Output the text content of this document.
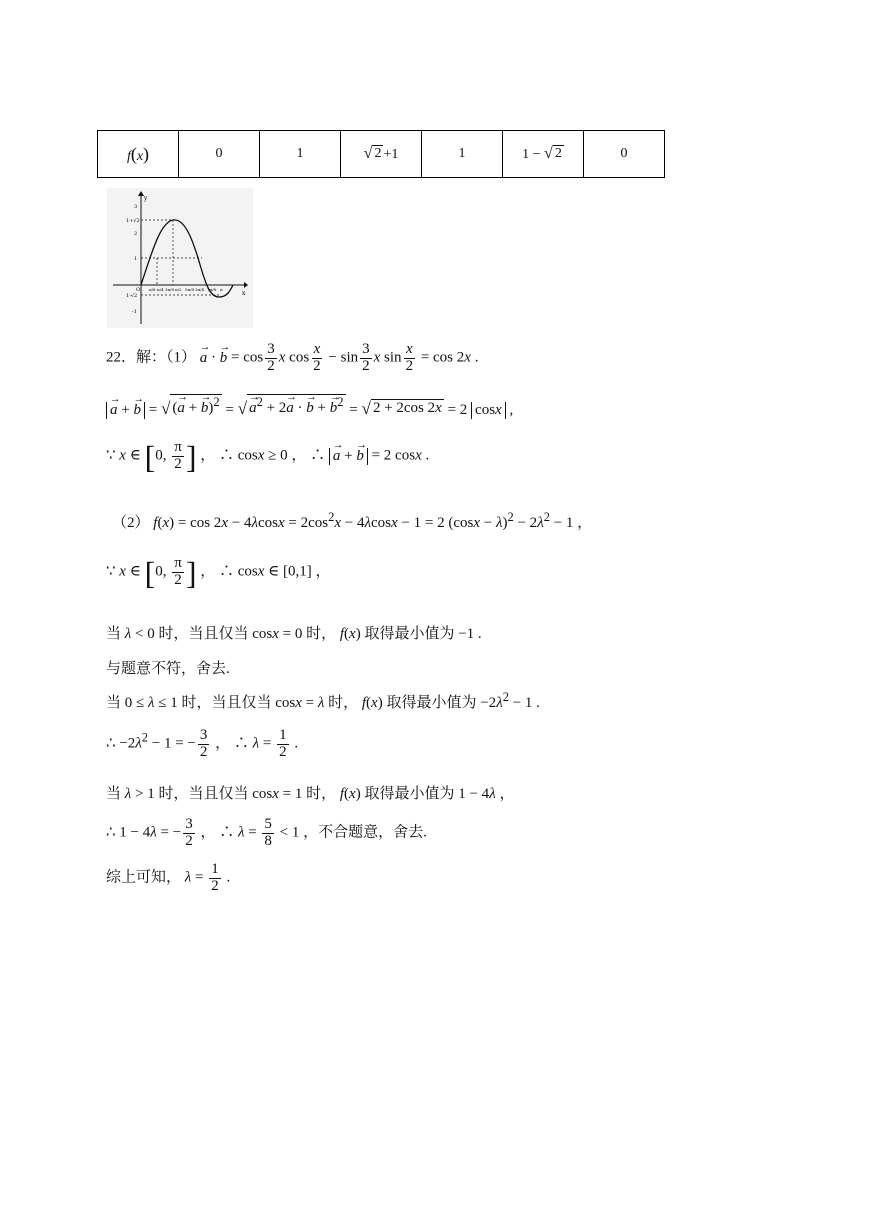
f(x)	0	1	√ 2 +1	1	1 − √ 2	0
y
x
3
1+√2
2
1
-1
1-√2
O π/8 π/4 3π/8 π/2 5π/8 3π/4 7π/8 π
22．解：（1） → a · → $b = \cos \frac{3}{2}$ x $\cos \frac{x}{2} - \sin \frac{3}{2}$ x $\sin \frac{x}{2} = \cos 2x$ .
→ a + → b = √ (→ a + → b)$^2$ = √ → $a^2 + 2\to a$ · → b + → $b^2$ = √ 2 + 2cos 2x = 2 cosx ,
∵ x ∈ [0, $\frac{\pi}{2}$ ] ， ∴ cosx ≥ 0 ， ∴ → a + → b = 2 cosx .
（2） $f(x) = \cos 2x - 4\lambda\cos x = 2\cos^2x - 4\lambda\cos x - 1 = 2$ $(\cos x - \lambda)^2 - 2\lambda^2 - 1$ ，
∵ x ∈ [0, $\frac{\pi}{2}$ ] ， ∴ cosx ∈ [0,1] ，
当 λ < 0 时，当且仅当 cosx = 0 时， f(x) 取得最小值为 −1 .
与题意不符，舍去.
当 0 ≤ λ ≤ 1 时，当且仅当 cosx = λ 时， f(x) 取得最小值为 $-2\lambda^2 - 1$ .
∴ $-2\lambda^2 - 1$ = − $\frac{3}{2}$ ， ∴ $\lambda = \frac{1}{2}$ .
当 λ > 1 时，当且仅当 cosx = 1 时， f(x) 取得最小值为 1 − 4λ ，
∴ 1 − 4λ = − $\frac{3}{2}$ ， ∴ $\lambda = \frac{5}{8} < 1$ ，不合题意，舍去.
综上可知， $\lambda = \frac{1}{2}$ .
